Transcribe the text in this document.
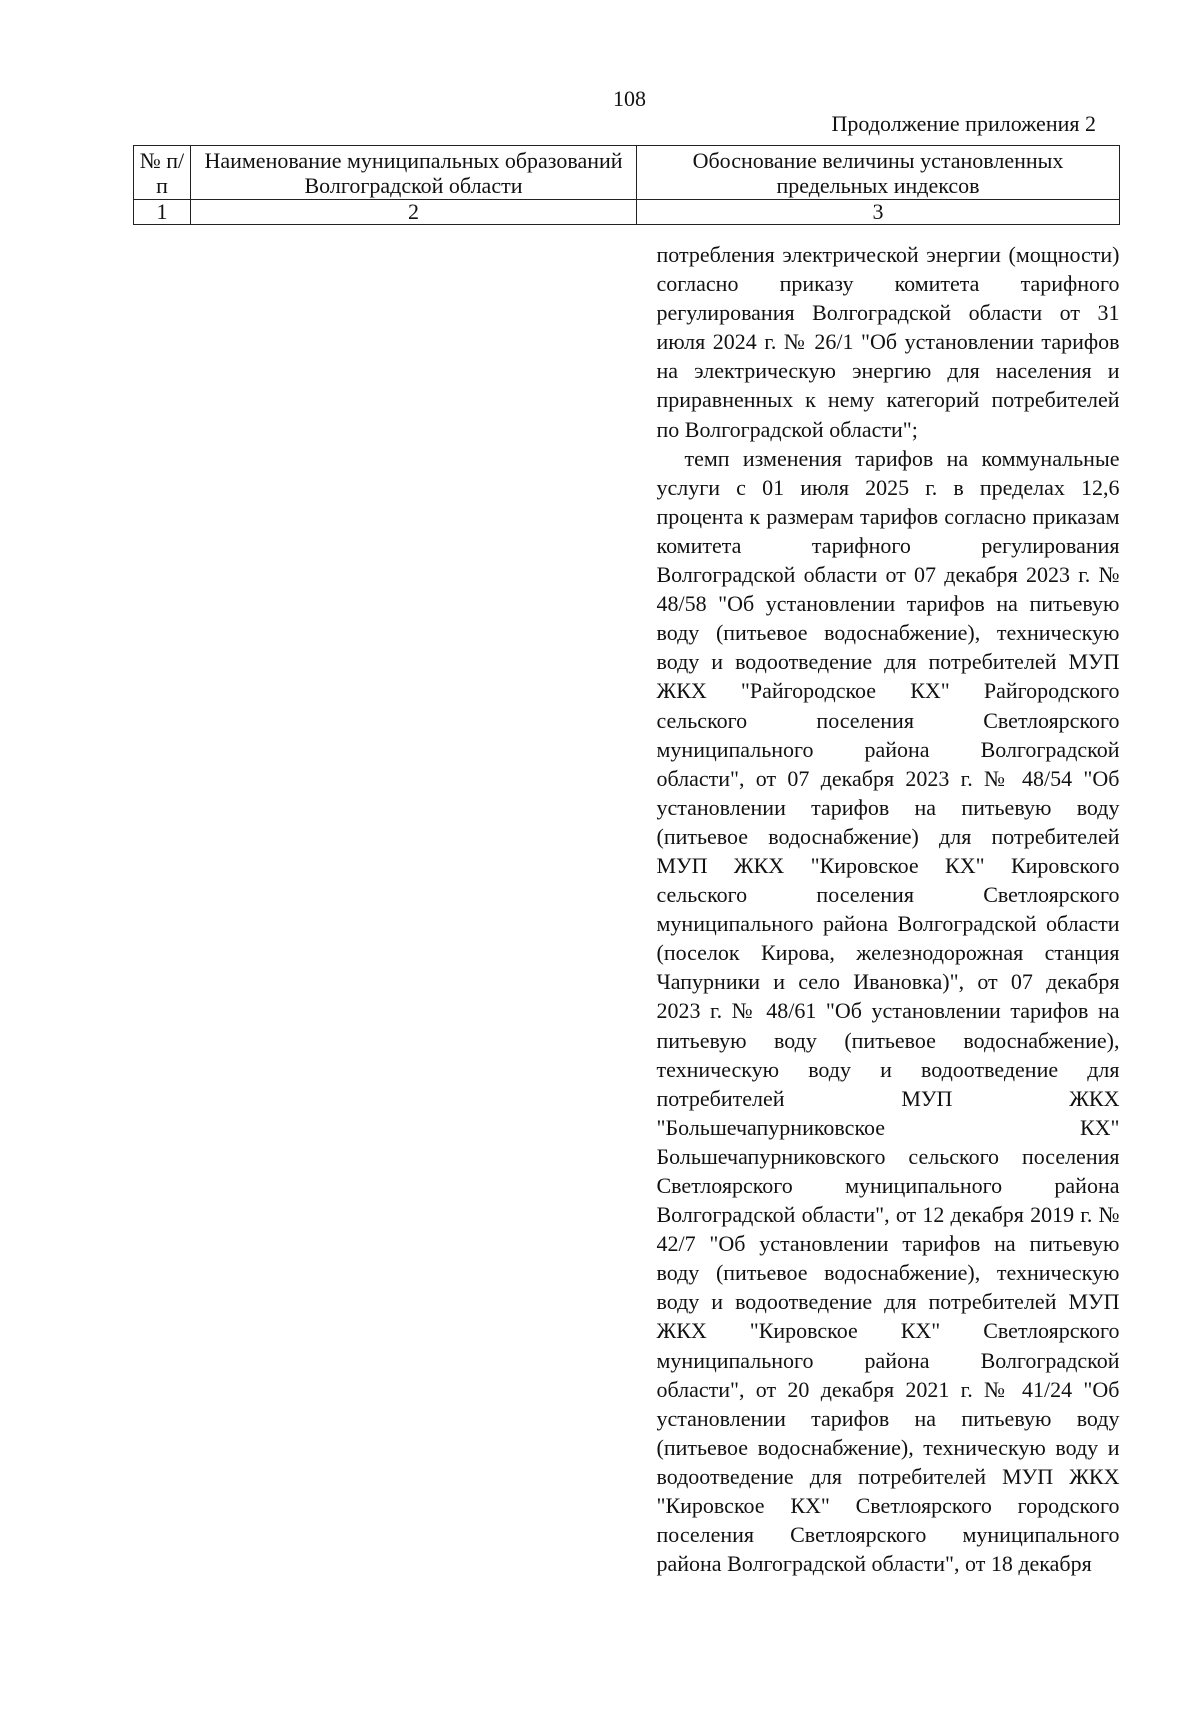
108
Продолжение приложения 2
№ п/п	Наименование муниципальных образований Волгоградской области	Обоснование величины установленных предельных индексов
1	2	3

		потребления электрической энергии (мощности) согласно приказу комитета тарифного регулирования Волгоградской области от 31 июля 2024 г. № 26/1 "Об установлении тарифов на электрическую энергию для населения и приравненных к нему категорий потребителей по Волгоградской области";

темп изменения тарифов на коммунальные услуги с 01 июля 2025 г. в пределах 12,6 процента к размерам тарифов согласно приказам комитета тарифного регулирования Волгоградской области от 07 декабря 2023 г. № 48/58 "Об установлении тарифов на питьевую воду (питьевое водоснабжение), техническую воду и водоотведение для потребителей МУП ЖКХ "Райгородское КХ" Райгородского сельского поселения Светлоярского муниципального района Волгоградской области", от 07 декабря 2023 г. № 48/54 "Об установлении тарифов на питьевую воду (питьевое водоснабжение) для потребителей МУП ЖКХ "Кировское КХ" Кировского сельского поселения Светлоярского муниципального района Волгоградской области (поселок Кирова, железнодорожная станция Чапурники и село Ивановка)", от 07 декабря 2023 г. № 48/61 "Об установлении тарифов на питьевую воду (питьевое водоснабжение), техническую воду и водоотведение для потребителей МУП ЖКХ "Большечапурниковское КХ" Большечапурниковского сельского поселения Светлоярского муниципального района Волгоградской области", от 12 декабря 2019 г. № 42/7 "Об установлении тарифов на питьевую воду (питьевое водоснабжение), техническую воду и водоотведение для потребителей МУП ЖКХ "Кировское КХ" Светлоярского муниципального района Волгоградской области", от 20 декабря 2021 г. № 41/24 "Об установлении тарифов на питьевую воду (питьевое водоснабжение), техническую воду и водоотведение для потребителей МУП ЖКХ "Кировское КХ" Светлоярского городского поселения Светлоярского муниципального района Волгоградской области", от 18 декабря
